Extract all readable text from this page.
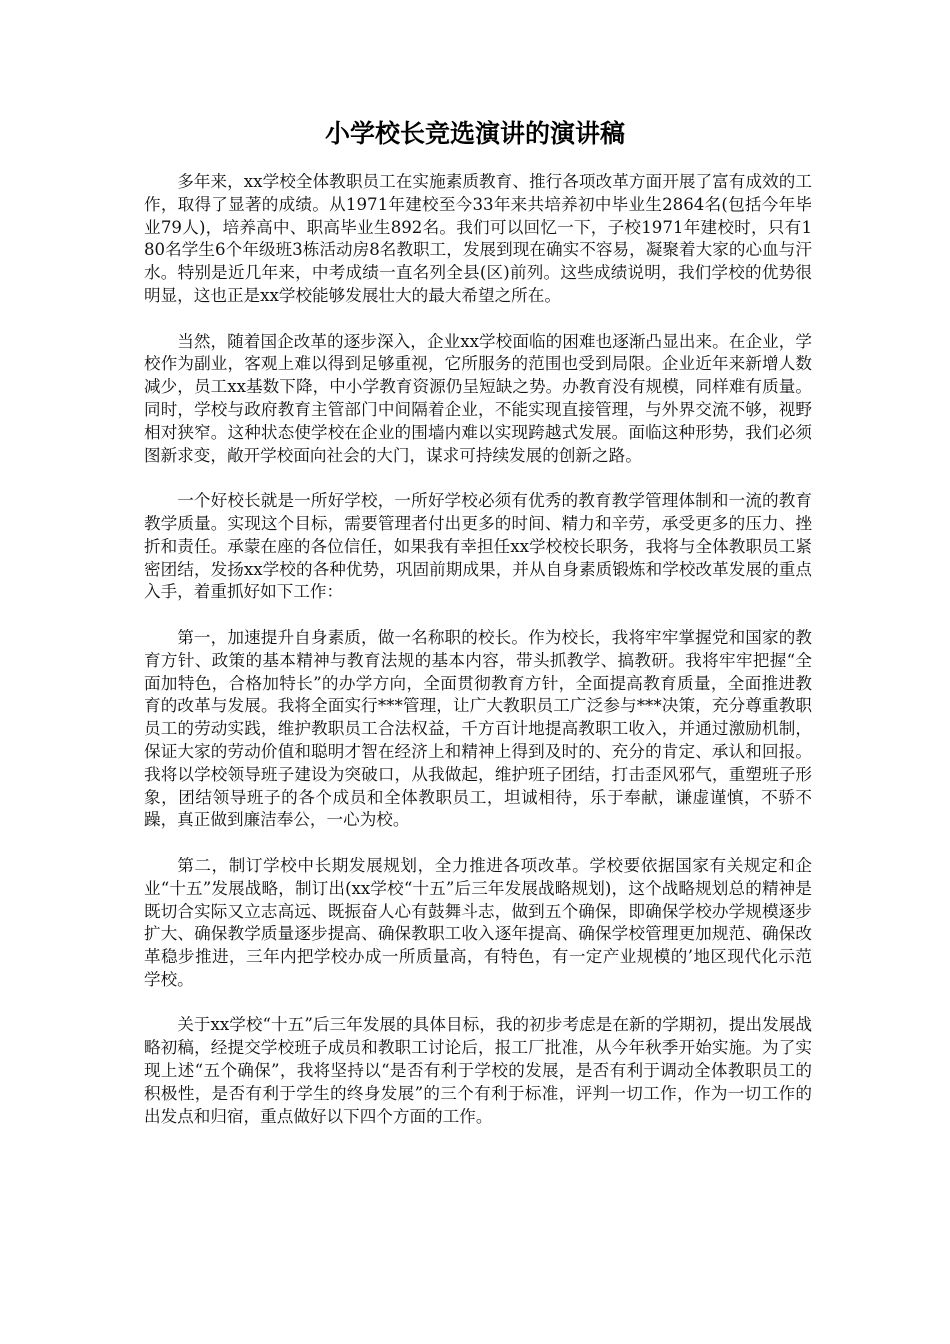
小学校长竞选演讲的演讲稿

多年来，xx学校全体教职员工在实施素质教育、推行各项改革方面开展了富有成效的工作，取得了显著的成绩。从1971年建校至今33年来共培养初中毕业生2864名(包括今年毕业79人)，培养高中、职高毕业生892名。我们可以回忆一下，子校1971年建校时，只有180名学生6个年级班3栋活动房8名教职工，发展到现在确实不容易，凝聚着大家的心血与汗水。特别是近几年来，中考成绩一直名列全县(区)前列。这些成绩说明，我们学校的优势很明显，这也正是xx学校能够发展壮大的最大希望之所在。

当然，随着国企改革的逐步深入，企业xx学校面临的困难也逐渐凸显出来。在企业，学校作为副业，客观上难以得到足够重视，它所服务的范围也受到局限。企业近年来新增人数减少，员工xx基数下降，中小学教育资源仍呈短缺之势。办教育没有规模，同样难有质量。同时，学校与政府教育主管部门中间隔着企业，不能实现直接管理，与外界交流不够，视野相对狭窄。这种状态使学校在企业的围墙内难以实现跨越式发展。面临这种形势，我们必须图新求变，敞开学校面向社会的大门，谋求可持续发展的创新之路。

一个好校长就是一所好学校，一所好学校必须有优秀的教育教学管理体制和一流的教育教学质量。实现这个目标，需要管理者付出更多的时间、精力和辛劳，承受更多的压力、挫折和责任。承蒙在座的各位信任，如果我有幸担任xx学校校长职务，我将与全体教职员工紧密团结，发扬xx学校的各种优势，巩固前期成果，并从自身素质锻炼和学校改革发展的重点入手，着重抓好如下工作：

第一，加速提升自身素质，做一名称职的校长。作为校长，我将牢牢掌握党和国家的教育方针、政策的基本精神与教育法规的基本内容，带头抓教学、搞教研。我将牢牢把握“全面加特色，合格加特长”的办学方向，全面贯彻教育方针，全面提高教育质量，全面推进教育的改革与发展。我将全面实行***管理，让广大教职员工广泛参与***决策，充分尊重教职员工的劳动实践，维护教职员工合法权益，千方百计地提高教职工收入，并通过激励机制，保证大家的劳动价值和聪明才智在经济上和精神上得到及时的、充分的肯定、承认和回报。我将以学校领导班子建设为突破口，从我做起，维护班子团结，打击歪风邪气，重塑班子形象，团结领导班子的各个成员和全体教职员工，坦诚相待，乐于奉献，谦虚谨慎，不骄不躁，真正做到廉洁奉公，一心为校。

第二，制订学校中长期发展规划，全力推进各项改革。学校要依据国家有关规定和企业“十五”发展战略，制订出(xx学校“十五”后三年发展战略规划)，这个战略规划总的精神是既切合实际又立志高远、既振奋人心有鼓舞斗志，做到五个确保，即确保学校办学规模逐步扩大、确保教学质量逐步提高、确保教职工收入逐年提高、确保学校管理更加规范、确保改革稳步推进，三年内把学校办成一所质量高，有特色，有一定产业规模的’地区现代化示范学校。

关于xx学校“十五”后三年发展的具体目标，我的初步考虑是在新的学期初，提出发展战略初稿，经提交学校班子成员和教职工讨论后，报工厂批准，从今年秋季开始实施。为了实现上述“五个确保”，我将坚持以“是否有利于学校的发展，是否有利于调动全体教职员工的积极性，是否有利于学生的终身发展”的三个有利于标准，评判一切工作，作为一切工作的出发点和归宿，重点做好以下四个方面的工作。
